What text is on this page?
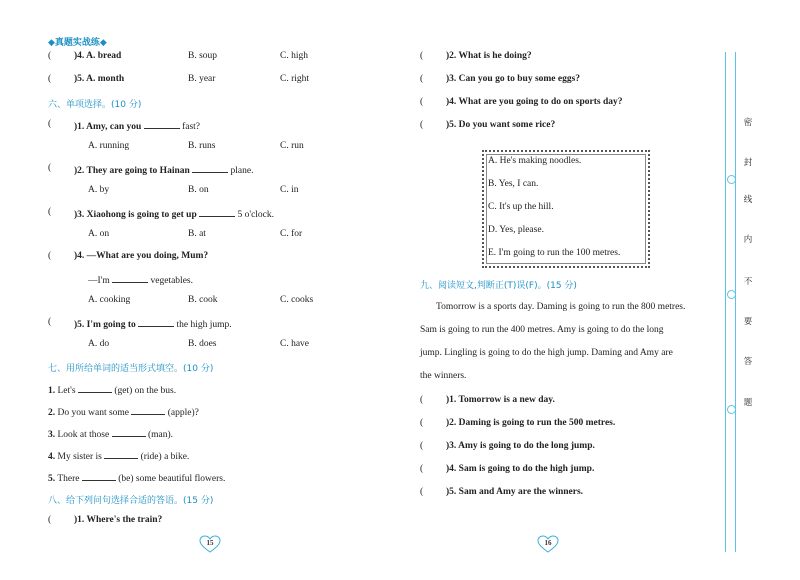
◆真题实战练◆
( )4. A. bread	B. soup	C. high
( )5. A. month	B. year	C. right
六、单项选择。(10 分)
( )1. Amy, can you	fast?
A. running	B. runs	C. run
( )2. They are going to Hainan	plane.
A. by	B. on	C. in
( )3. Xiaohong is going to get up	5 o'clock.
A. on	B. at	C. for
( )4. —What are you doing, Mum?
—I'm	vegetables.
A. cooking	B. cook	C. cooks
( )5. I'm going to	the high jump.
A. do	B. does	C. have
七、用所给单词的适当形式填空。(10 分)
1. Let's	(get) on the bus.
2. Do you want some	(apple)?
3. Look at those	(man).
4. My sister is	(ride) a bike.
5. There	(be) some beautiful flowers.
八、给下列问句选择合适的答语。(15 分)
( )1. Where's the train?
15
( )2. What is he doing?
( )3. Can you go to buy some eggs?
( )4. What are you going to do on sports day?
( )5. Do you want some rice?
A. He's making noodles.
B. Yes, I can.
C. It's up the hill.
D. Yes, please.
E. I'm going to run the 100 metres.
九、阅读短文,判断正(T)误(F)。(15 分)
Tomorrow is a sports day. Daming is going to run the 800 metres.
Sam is going to run the 400 metres. Amy is going to do the long
jump. Lingling is going to do the high jump. Daming and Amy are
the winners.
( )1. Tomorrow is a new day.
( )2. Daming is going to run the 500 metres.
( )3. Amy is going to do the long jump.
( )4. Sam is going to do the high jump.
( )5. Sam and Amy are the winners.
16
密
封
线
内
不
要
答
题
